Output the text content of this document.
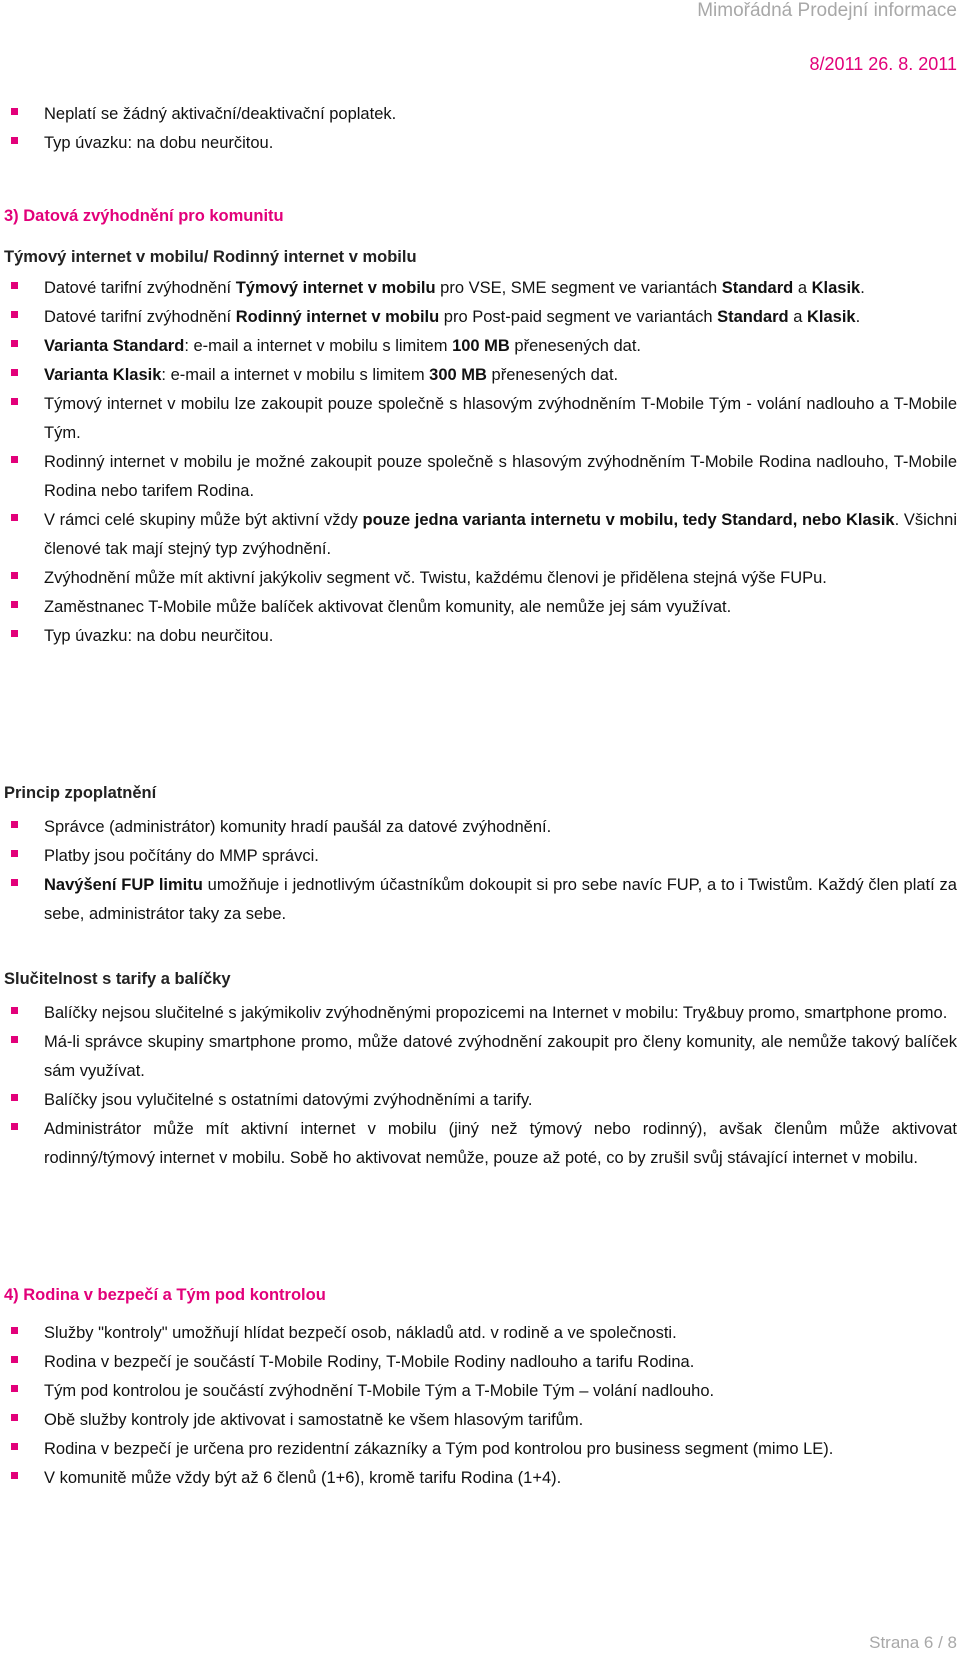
Mimořádná Prodejní informace
8/2011 26. 8. 2011
Neplatí se žádný aktivační/deaktivační poplatek.
Typ úvazku: na dobu neurčitou.
3) Datová zvýhodnění pro komunitu
Týmový internet v mobilu/ Rodinný internet v mobilu
Datové tarifní zvýhodnění Týmový internet v mobilu pro VSE, SME segment ve variantách Standard a Klasik.
Datové tarifní zvýhodnění Rodinný internet v mobilu pro Post-paid segment ve variantách Standard a Klasik.
Varianta Standard: e-mail a internet v mobilu s limitem 100 MB přenesených dat.
Varianta Klasik: e-mail a internet v mobilu s limitem 300 MB přenesených dat.
Týmový internet v mobilu lze zakoupit pouze společně s hlasovým zvýhodněním T-Mobile Tým - volání nadlouho a T-Mobile Tým.
Rodinný internet v mobilu je možné zakoupit pouze společně s hlasovým zvýhodněním T-Mobile Rodina nadlouho, T-Mobile Rodina nebo tarifem Rodina.
V rámci celé skupiny může být aktivní vždy pouze jedna varianta internetu v mobilu, tedy Standard, nebo Klasik. Všichni členové tak mají stejný typ zvýhodnění.
Zvýhodnění může mít aktivní jakýkoliv segment vč. Twistu, každému členovi je přidělena stejná výše FUPu.
Zaměstnanec T-Mobile může balíček aktivovat členům komunity, ale nemůže jej sám využívat.
Typ úvazku: na dobu neurčitou.
Princip zpoplatnění
Správce (administrátor) komunity hradí paušál za datové zvýhodnění.
Platby jsou počítány do MMP správci.
Navýšení FUP limitu umožňuje i jednotlivým účastníkům dokoupit si pro sebe navíc FUP, a to i Twistům. Každý člen platí za sebe, administrátor taky za sebe.
Slučitelnost s tarify a balíčky
Balíčky nejsou slučitelné s jakýmikoliv zvýhodněnými propozicemi na Internet v mobilu: Try&buy promo, smartphone promo.
Má-li správce skupiny smartphone promo, může datové zvýhodnění zakoupit pro členy komunity, ale nemůže takový balíček sám využívat.
Balíčky jsou vylučitelné s ostatními datovými zvýhodněními a tarify.
Administrátor může mít aktivní internet v mobilu (jiný než týmový nebo rodinný), avšak členům může aktivovat rodinný/týmový internet v mobilu. Sobě ho aktivovat nemůže, pouze až poté, co by zrušil svůj stávající internet v mobilu.
4) Rodina v bezpečí a Tým pod kontrolou
Služby "kontroly" umožňují hlídat bezpečí osob, nákladů atd. v rodině a ve společnosti.
Rodina v bezpečí je součástí T-Mobile Rodiny, T-Mobile Rodiny nadlouho a tarifu Rodina.
Tým pod kontrolou je součástí zvýhodnění T-Mobile Tým a T-Mobile Tým – volání nadlouho.
Obě služby kontroly jde aktivovat i samostatně ke všem hlasovým tarifům.
Rodina v bezpečí je určena pro rezidentní zákazníky a Tým pod kontrolou pro business segment (mimo LE).
V komunitě může vždy být až 6 členů (1+6), kromě tarifu Rodina (1+4).
Strana 6 / 8
